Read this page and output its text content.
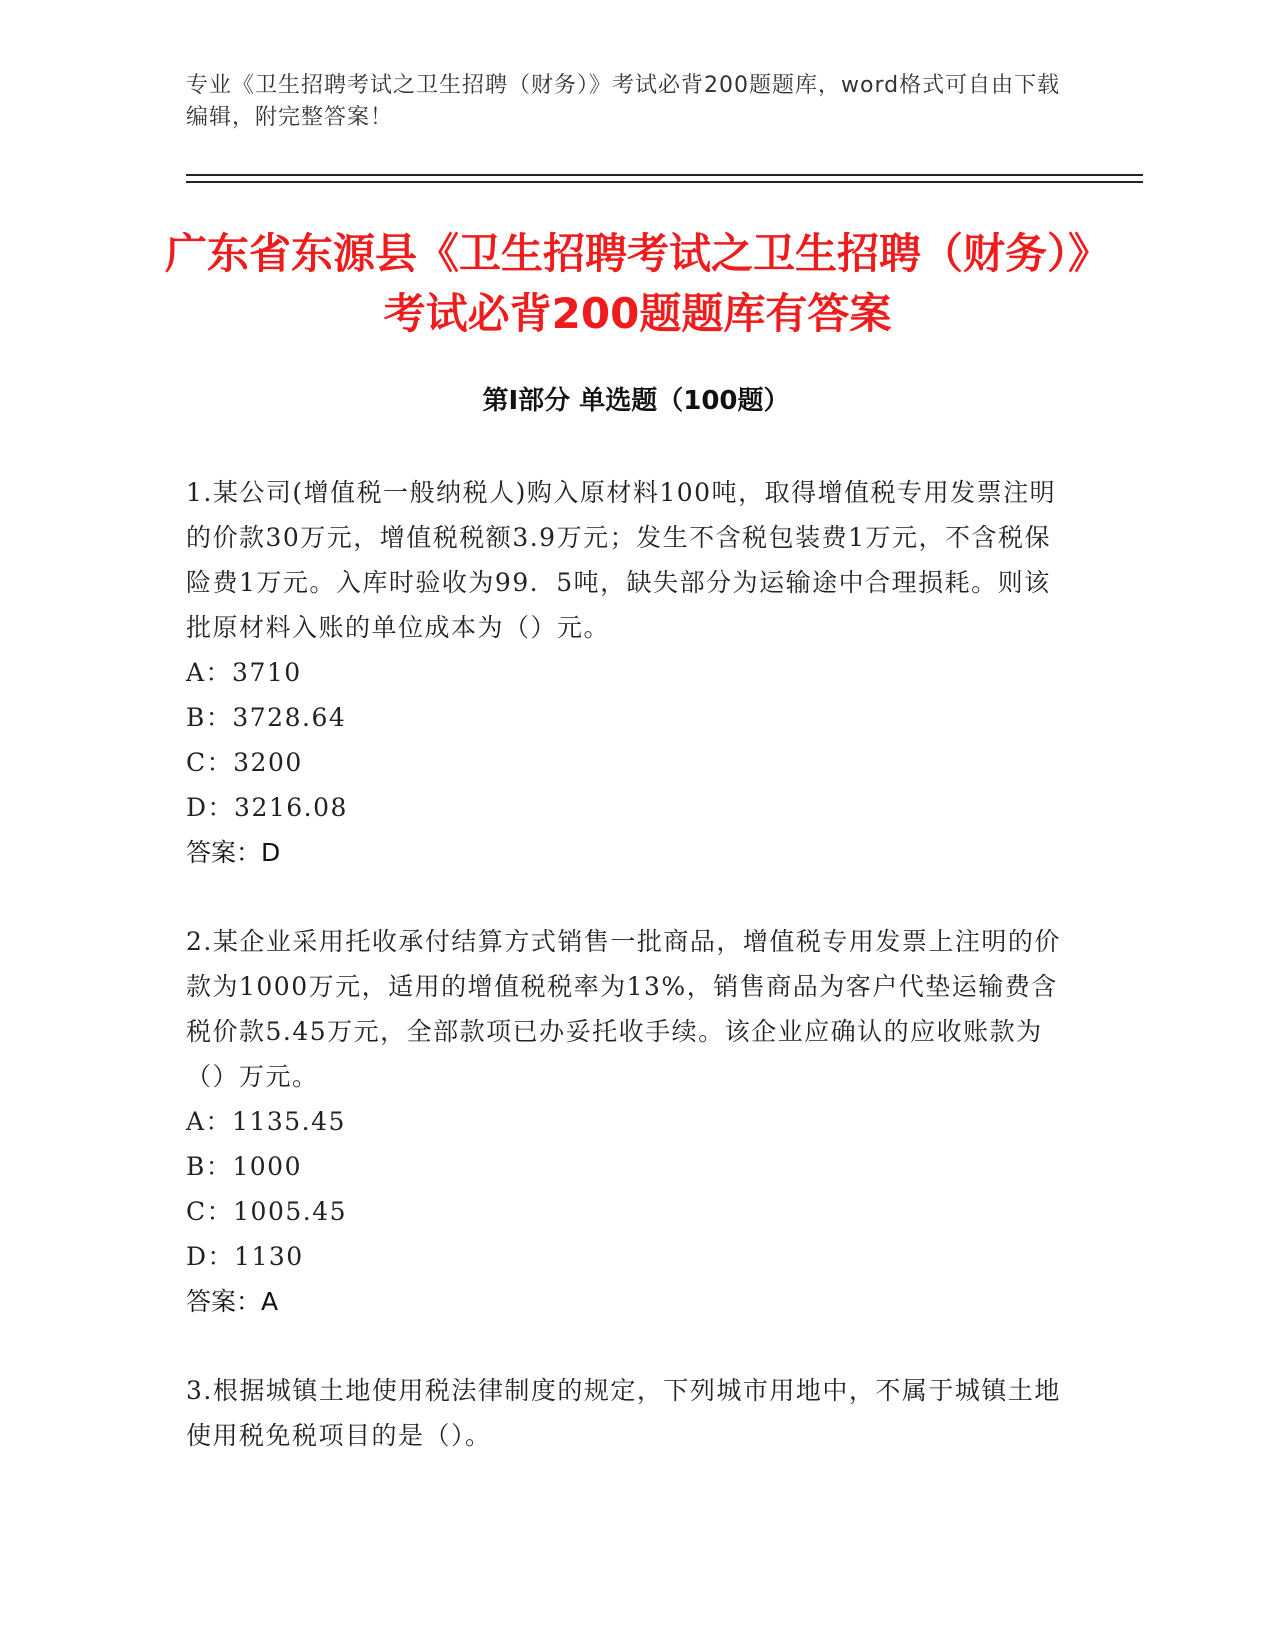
专业《卫生招聘考试之卫生招聘（财务）》考试必背200题题库，word格式可自由下载编辑，附完整答案！
广东省东源县《卫生招聘考试之卫生招聘（财务）》考试必背200题题库有答案
第Ⅰ部分 单选题（100题）

1.某公司(增值税一般纳税人)购入原材料100吨，取得增值税专用发票注明的价款30万元，增值税税额3.9万元；发生不含税包装费1万元，不含税保险费1万元。入库时验收为99．5吨，缺失部分为运输途中合理损耗。则该批原材料入账的单位成本为（）元。

A：3710

B：3728.64

C：3200

D：3216.08

答案：D

2.某企业采用托收承付结算方式销售一批商品，增值税专用发票上注明的价款为1000万元，适用的增值税税率为13%，销售商品为客户代垫运输费含税价款5.45万元，全部款项已办妥托收手续。该企业应确认的应收账款为（）万元。

A：1135.45

B：1000

C：1005.45

D：1130

答案：A

3.根据城镇土地使用税法律制度的规定，下列城市用地中，不属于城镇土地使用税免税项目的是（）。
